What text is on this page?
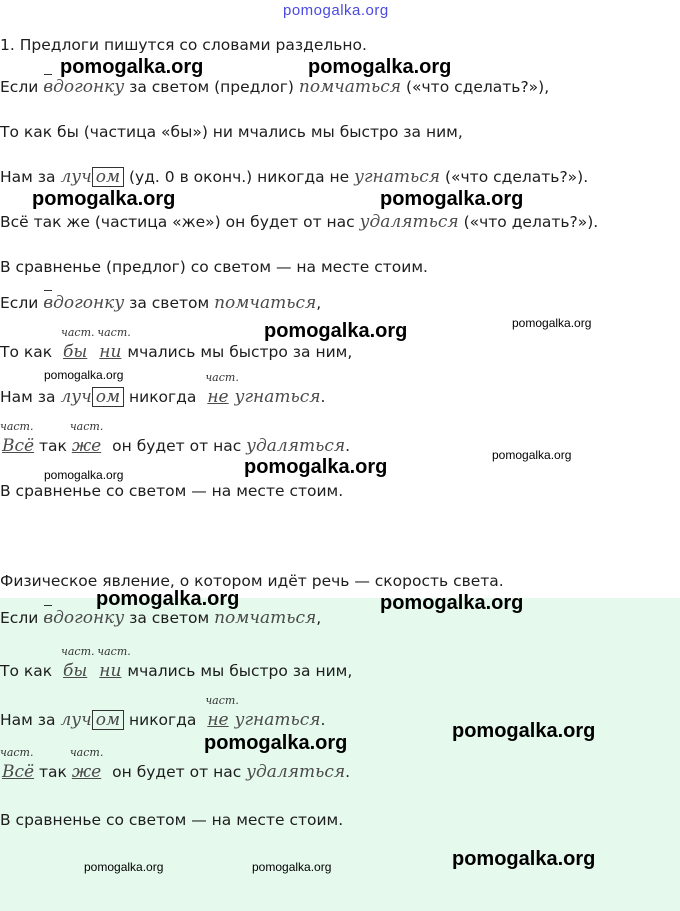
pomogalka.org
1. Предлоги пишутся со словами раздельно.
Если вдогонку за светом (предлог) помчаться («что сделать?»),
То как бы (частица «бы») ни мчались мы быстро за ним,
Нам за луч ом (уд. 0 в оконч.) никогда не угнаться («что сделать?»).
Всё так же (частица «же») он будет от нас удаляться («что делать?»).
В сравненье (предлог) со светом — на месте стоим.
Если вдогонку за светом помчаться,
То как
част.
бы
част.
ни мчались мы быстро за ним,
Нам за луч ом никогда
част.
не угнаться.
част.
Всё так
част.
же он будет от нас удаляться.
В сравненье со светом — на месте стоим.
Физическое явление, о котором идёт речь — скорость света.
Если вдогонку за светом помчаться,
То как
част.
бы
част.
ни мчались мы быстро за ним,
Нам за луч ом никогда
част.
не угнаться.
част.
Всё так
част.
же он будет от нас удаляться.
В сравненье со светом — на месте стоим.
pomogalka.org	pomogalka.org
pomogalka.org	pomogalka.org
pomogalka.org	pomogalka.org
pomogalka.org
pomogalka.org
pomogalka.org
pomogalka.org
pomogalka.org	pomogalka.org
pomogalka.org
pomogalka.org
pomogalka.org	pomogalka.org	pomogalka.org
